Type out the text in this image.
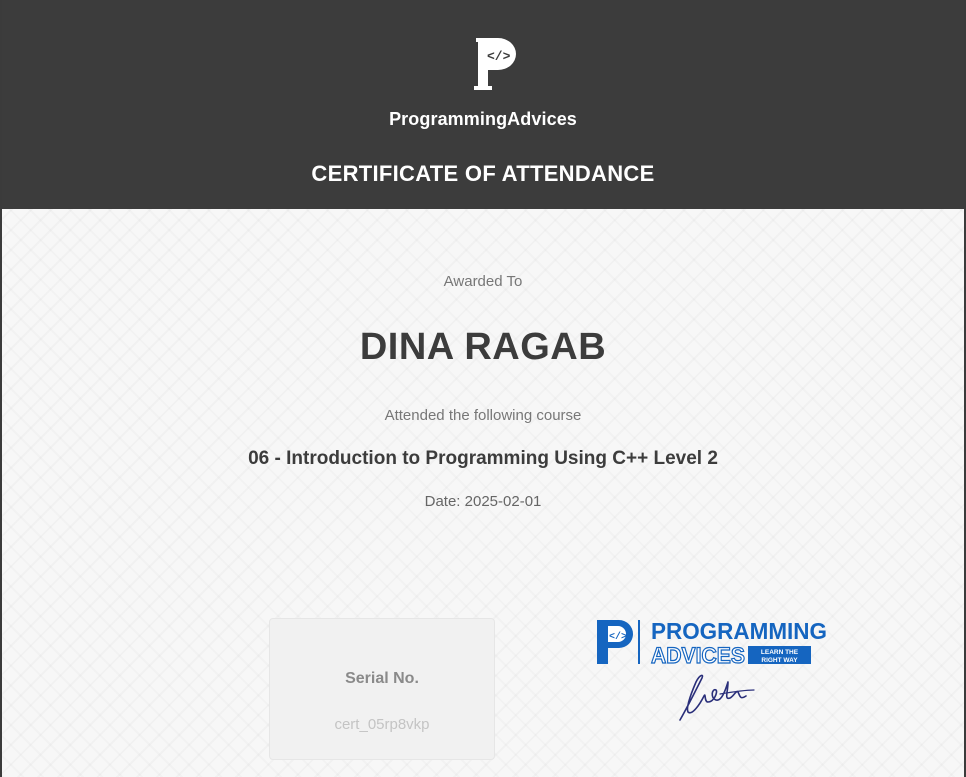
</>
ProgrammingAdvices
CERTIFICATE OF ATTENDANCE
Awarded To
DINA RAGAB
Attended the following course
06 - Introduction to Programming Using C++ Level 2
Date: 2025-02-01
Serial No.
cert_05rp8vkp
</> PROGRAMMING
ADVICES LEARN THE
RIGHT WAY
